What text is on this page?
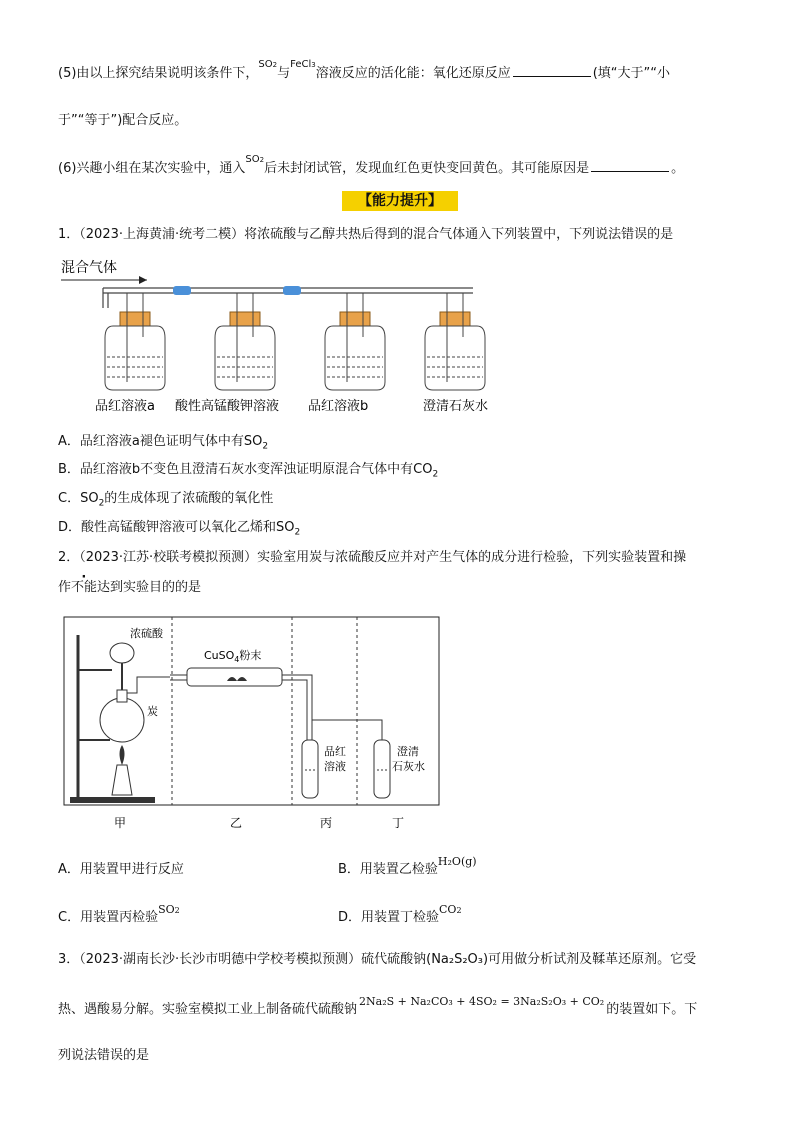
(5)由以上探究结果说明该条件下，$^{SO2}$与$^{FeCl3}$溶液反应的活化能：氧化还原反应	(填“大于”“小
于”“等于”)配合反应。
(6)兴趣小组在某次实验中，通入$^{SO2}$后未封闭试管，发现血红色更快变回黄色。其可能原因是	。
【能力提升】
1．（2023·上海黄浦·统考二模）将浓硫酸与乙醇共热后得到的混合气体通入下列装置中，下列说法错误的是
混合气体
品红溶液a 酸性高锰酸钾溶液 品红溶液b	澄清石灰水
A．品红溶液a褪色证明气体中有$SO_2$
B．品红溶液b不变色且澄清石灰水变浑浊证明原混合气体中有$CO_2$
C．$SO_2$的生成体现了浓硫酸的氧化性
D．酸性高锰酸钾溶液可以氧化乙烯和$SO_2$
2．（2023·江苏·校联考模拟预测）实验室用炭与浓硫酸反应并对产生气体的成分进行检验，下列实验装置和操
作不能达到实验目的的是
浓硫酸
CuSO$_4$粉末
炭
品红
溶液
澄清
石灰水
甲	乙	丙	丁
A．用装置甲进行反应	B．用装置乙检验$^{H_2O(g)}$
C．用装置丙检验$^{SO2}$	D．用装置丁检验$^{CO2}$
3．（2023·湖南长沙·长沙市明德中学校考模拟预测）硫代硫酸钠(Na₂S₂O₃)可用做分析试剂及鞣革还原剂。它受
热、遇酸易分解。实验室模拟工业上制备硫代硫酸钠$^{2Na_2S + Na_2CO_3 + 4SO_2 = 3Na_2S_2O_3 + CO_2}$的装置如下。下
列说法错误的是
